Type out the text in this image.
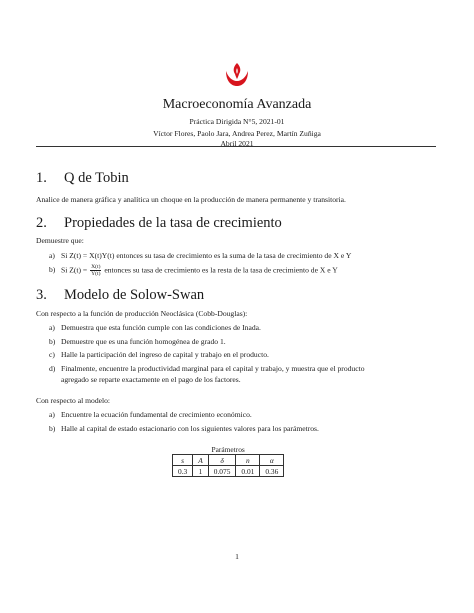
Macroeconomía Avanzada
Práctica Dirigida N°5, 2021-01
Víctor Flores, Paolo Jara, Andrea Perez, Martín Zuñiga
Abril 2021
1. Q de Tobin
Analice de manera gráfica y analítica un choque en la producción de manera permanente y transitoria.
2. Propiedades de la tasa de crecimiento
Demuestre que:
a) Si Z(t) = X(t)Y(t) entonces su tasa de crecimiento es la suma de la tasa de crecimiento de X e Y
b) Si $Z(t) = \frac{X(t)}{Y(t)}$ entonces su tasa de crecimiento es la resta de la tasa de crecimiento de X e Y
3. Modelo de Solow-Swan
Con respecto a la función de producción Neoclásica (Cobb-Douglas):
a) Demuestra que esta función cumple con las condiciones de Inada.
b) Demuestre que es una función homogénea de grado 1.
c) Halle la participación del ingreso de capital y trabajo en el producto.
d) Finalmente, encuentre la productividad marginal para el capital y trabajo, y muestra que el producto
agregado se reparte exactamente en el pago de los factores.
Con respecto al modelo:
a) Encuentre la ecuación fundamental de crecimiento económico.
b) Halle al capital de estado estacionario con los siguientes valores para los parámetros.
Parámetros				
s	A	δ	n	α
0.3	1	0.075	0.01	0.36
1
